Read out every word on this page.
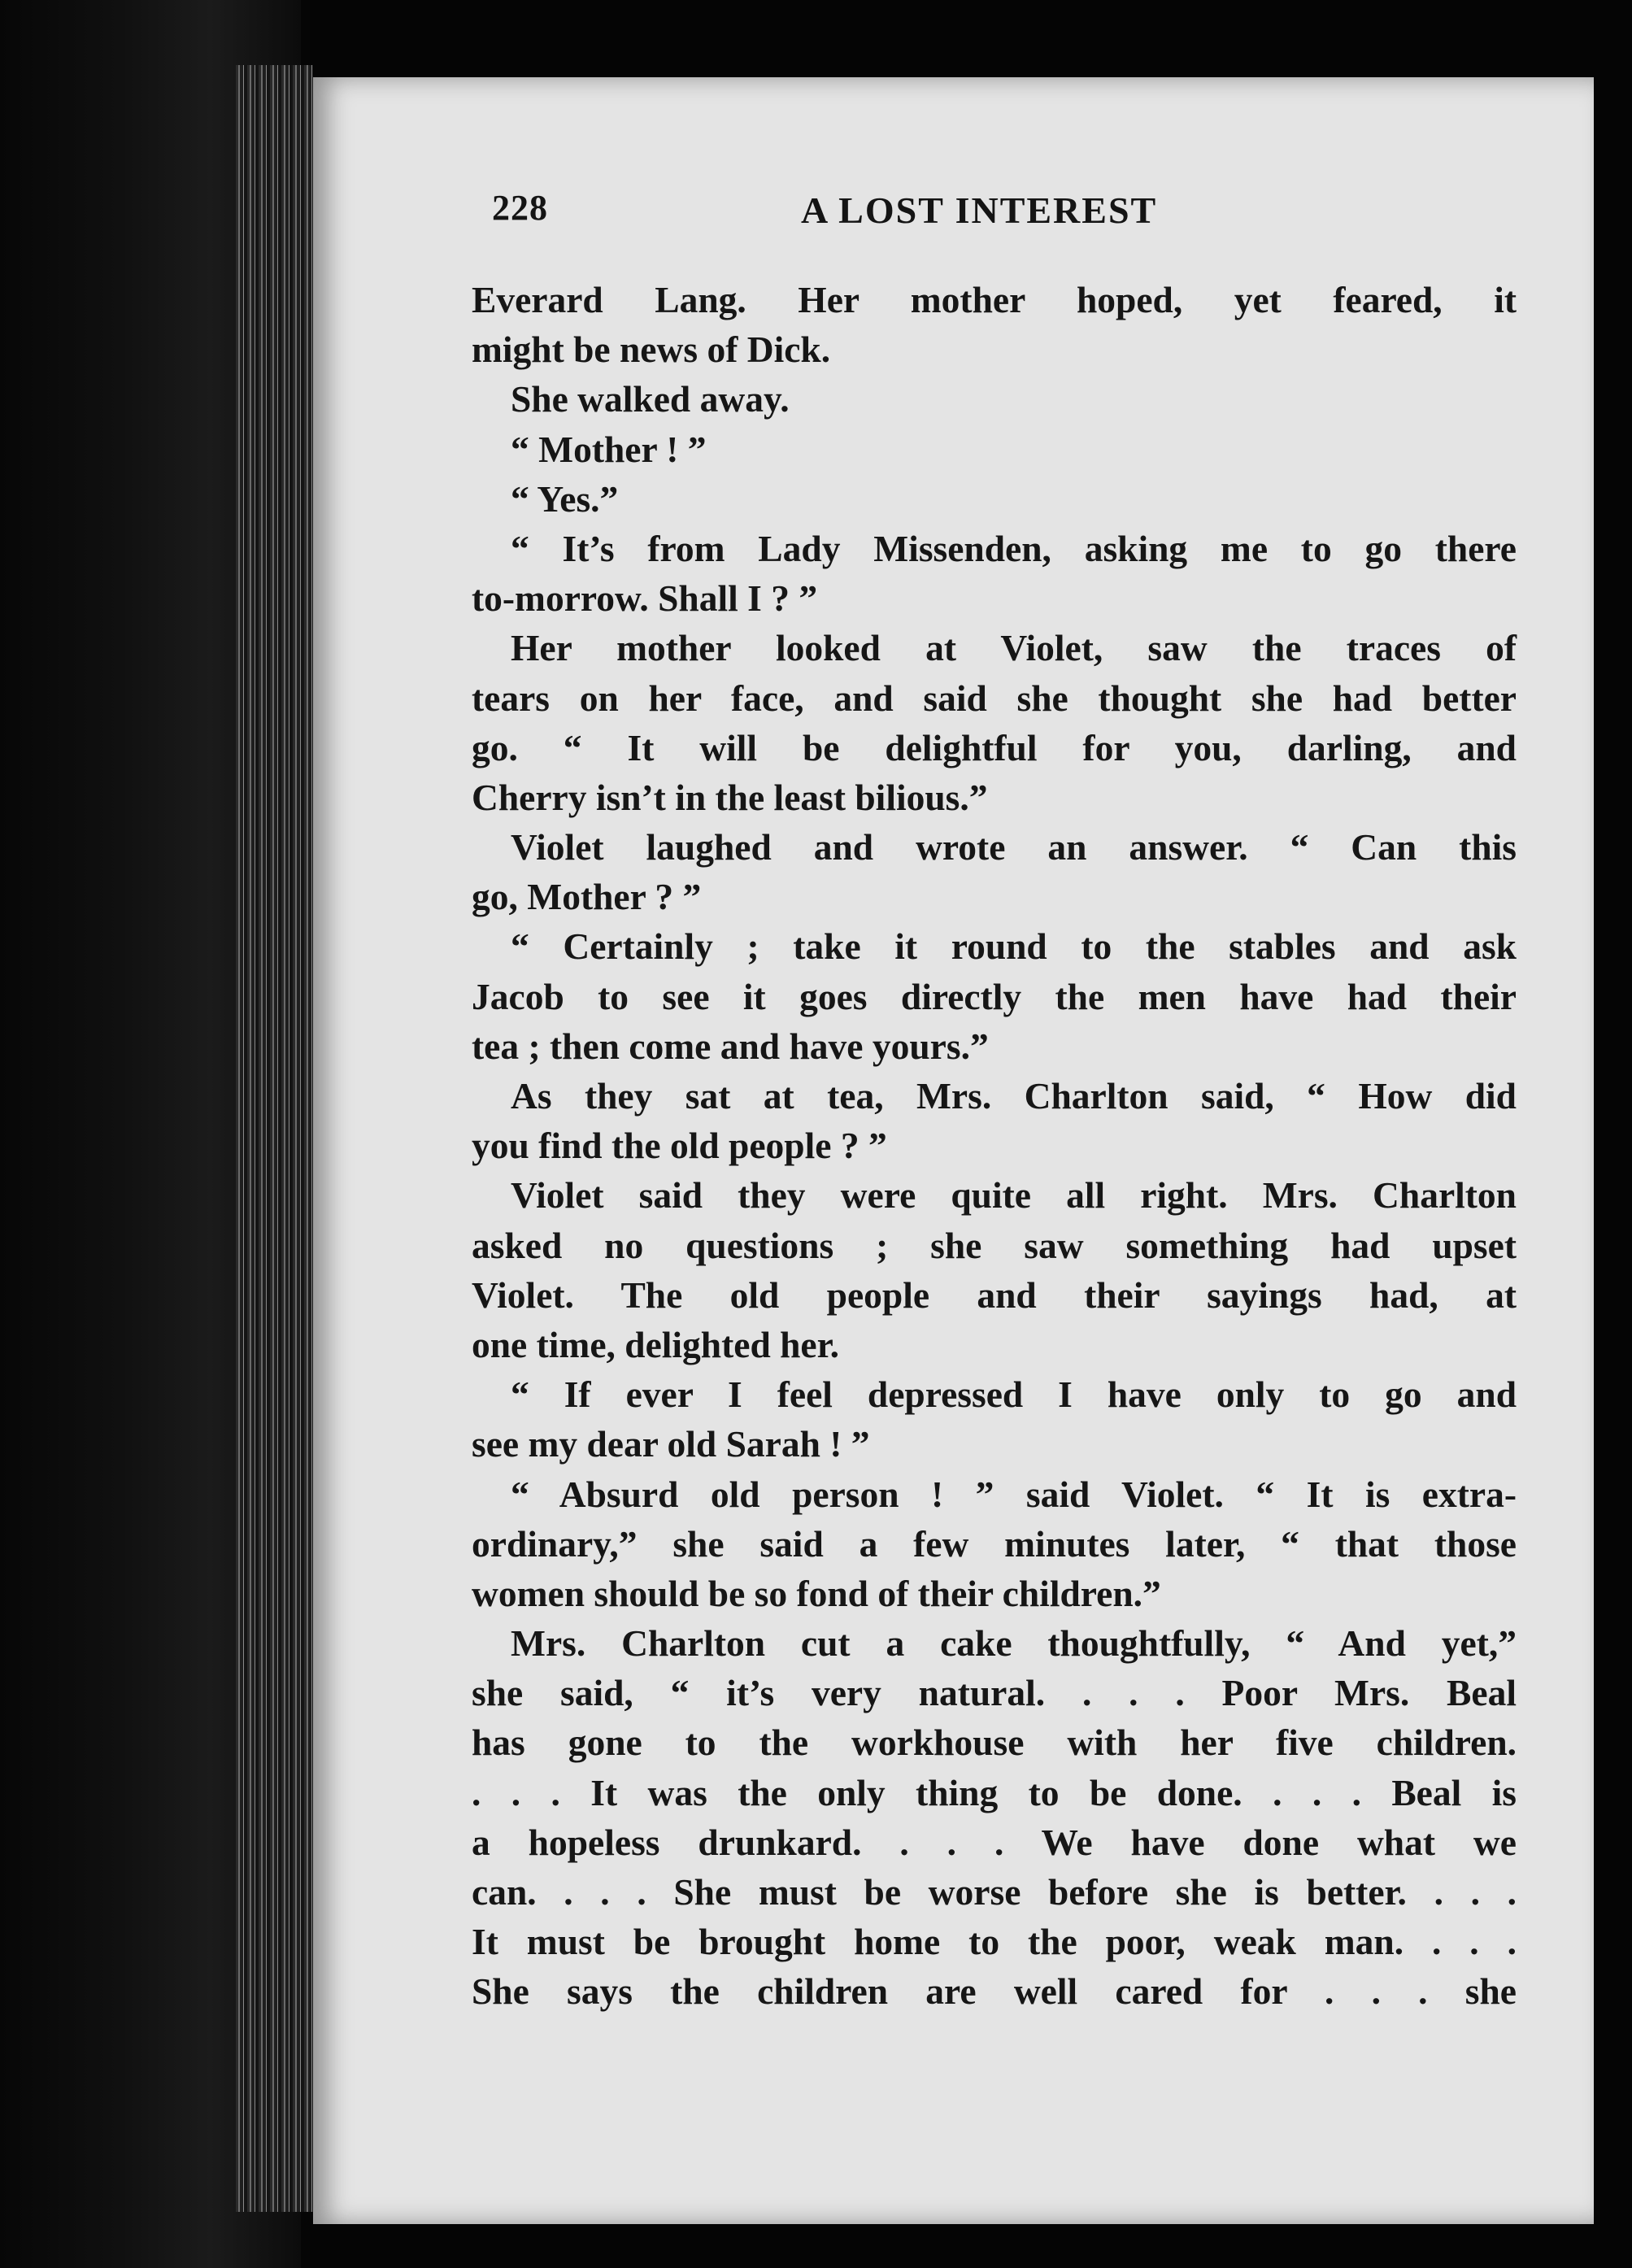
228	A LOST INTEREST
Everard Lang. Her mother hoped, yet feared, it
might be news of Dick.
She walked away.
“ Mother ! ”
“ Yes.”
“ It’s from Lady Missenden, asking me to go there
to-morrow. Shall I ? ”
Her mother looked at Violet, saw the traces of
tears on her face, and said she thought she had better
go. “ It will be delightful for you, darling, and
Cherry isn’t in the least bilious.”
Violet laughed and wrote an answer. “ Can this
go, Mother ? ”
“ Certainly ; take it round to the stables and ask
Jacob to see it goes directly the men have had their
tea ; then come and have yours.”
As they sat at tea, Mrs. Charlton said, “ How did
you find the old people ? ”
Violet said they were quite all right. Mrs. Charlton
asked no questions ; she saw something had upset
Violet. The old people and their sayings had, at
one time, delighted her.
“ If ever I feel depressed I have only to go and
see my dear old Sarah ! ”
“ Absurd old person ! ” said Violet. “ It is extra-
ordinary,” she said a few minutes later, “ that those
women should be so fond of their children.”
Mrs. Charlton cut a cake thoughtfully, “ And yet,”
she said, “ it’s very natural. . . . Poor Mrs. Beal
has gone to the workhouse with her five children.
. . . It was the only thing to be done. . . . Beal is
a hopeless drunkard. . . . We have done what we
can. . . . She must be worse before she is better. . . .
It must be brought home to the poor, weak man. . . .
She says the children are well cared for . . . she
